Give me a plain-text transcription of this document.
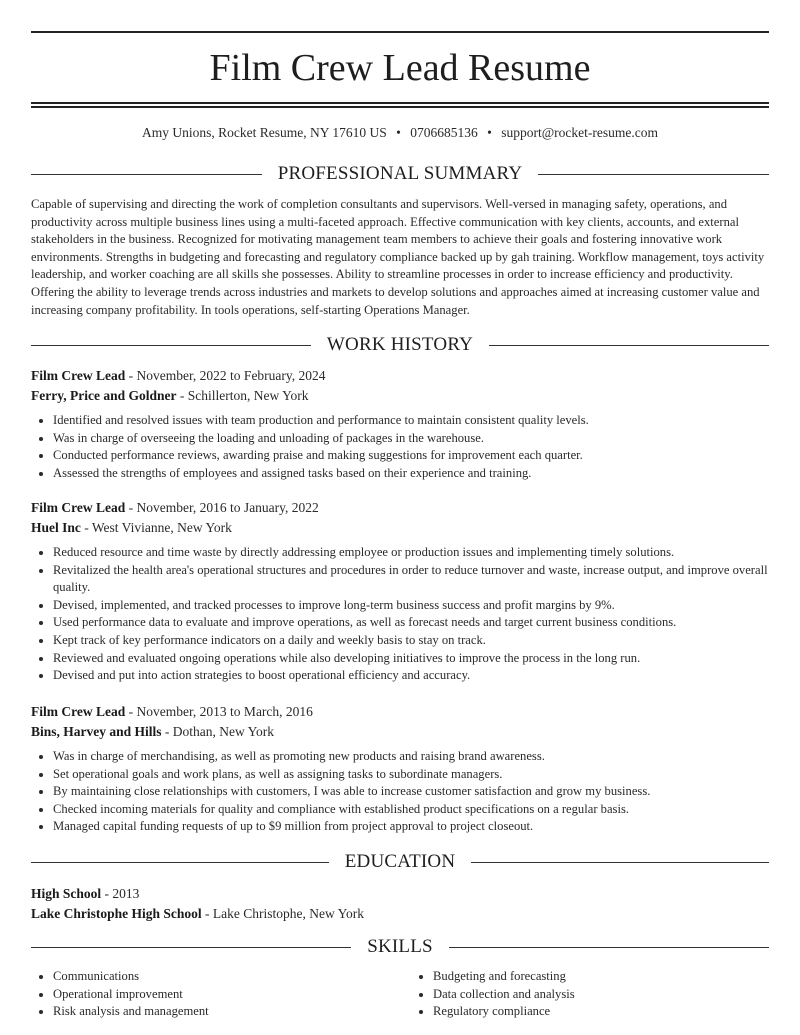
Film Crew Lead Resume
Amy Unions, Rocket Resume, NY 17610 US • 0706685136 • support@rocket-resume.com
PROFESSIONAL SUMMARY

Capable of supervising and directing the work of completion consultants and supervisors. Well-versed in managing safety, operations, and productivity across multiple business lines using a multi-faceted approach. Effective communication with key clients, accounts, and external stakeholders in the business. Recognized for motivating management team members to achieve their goals and fostering innovative work environments. Strengths in budgeting and forecasting and regulatory compliance backed up by gah training. Workflow management, toys activity leadership, and worker coaching are all skills she possesses. Ability to streamline processes in order to increase efficiency and productivity. Offering the ability to leverage trends across industries and markets to develop solutions and approaches aimed at increasing customer value and increasing company profitability. In tools operations, self-starting Operations Manager.

WORK HISTORY
Film Crew Lead - November, 2022 to February, 2024
Ferry, Price and Goldner - Schillerton, New York
• Identified and resolved issues with team production and performance to maintain consistent quality levels.
• Was in charge of overseeing the loading and unloading of packages in the warehouse.
• Conducted performance reviews, awarding praise and making suggestions for improvement each quarter.
• Assessed the strengths of employees and assigned tasks based on their experience and training.
Film Crew Lead - November, 2016 to January, 2022
Huel Inc - West Vivianne, New York
• Reduced resource and time waste by directly addressing employee or production issues and implementing timely solutions.
• Revitalized the health area's operational structures and procedures in order to reduce turnover and waste, increase output, and improve overall quality.
• Devised, implemented, and tracked processes to improve long-term business success and profit margins by 9%.
• Used performance data to evaluate and improve operations, as well as forecast needs and target current business conditions.
• Kept track of key performance indicators on a daily and weekly basis to stay on track.
• Reviewed and evaluated ongoing operations while also developing initiatives to improve the process in the long run.
• Devised and put into action strategies to boost operational efficiency and accuracy.
Film Crew Lead - November, 2013 to March, 2016
Bins, Harvey and Hills - Dothan, New York
• Was in charge of merchandising, as well as promoting new products and raising brand awareness.
• Set operational goals and work plans, as well as assigning tasks to subordinate managers.
• By maintaining close relationships with customers, I was able to increase customer satisfaction and grow my business.
• Checked incoming materials for quality and compliance with established product specifications on a regular basis.
• Managed capital funding requests of up to $9 million from project approval to project closeout.
EDUCATION
High School - 2013
Lake Christophe High School - Lake Christophe, New York
SKILLS
• Communications
• Operational improvement
• Risk analysis and management
• Budgeting and forecasting
• Data collection and analysis
• Regulatory compliance
